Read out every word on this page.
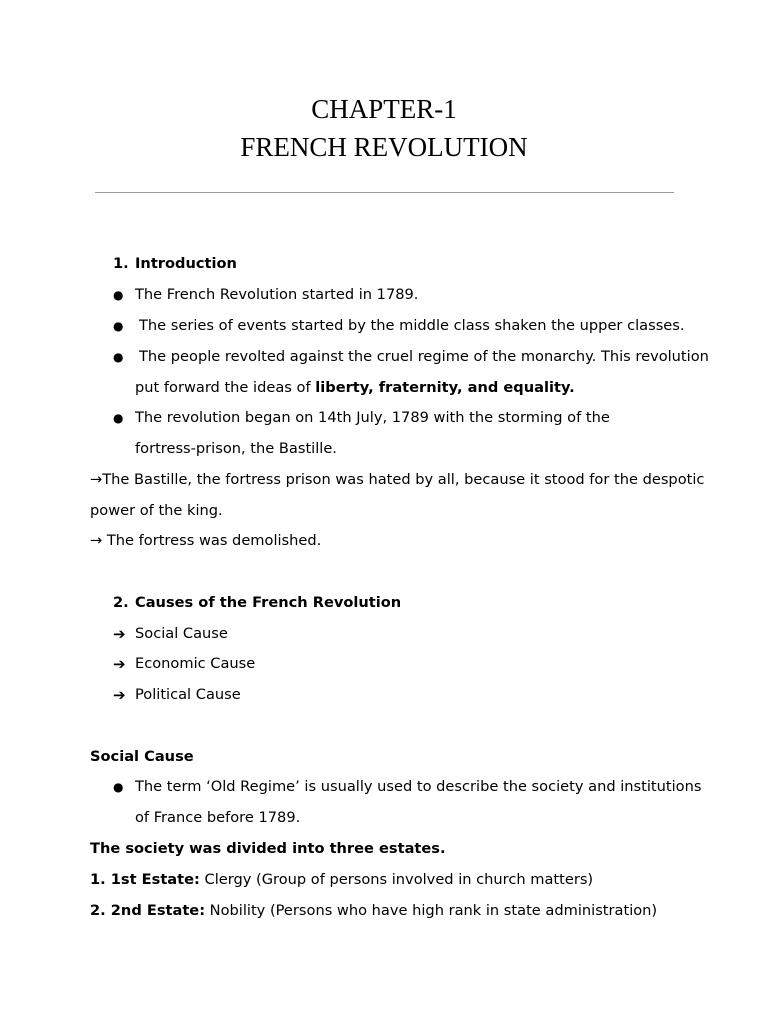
CHAPTER-1
FRENCH REVOLUTION
1. Introduction
● The French Revolution started in 1789.
● The series of events started by the middle class shaken the upper classes.
● The people revolted against the cruel regime of the monarchy. This revolution
put forward the ideas of liberty, fraternity, and equality.
● The revolution began on 14th July, 1789 with the storming of the
fortress-prison, the Bastille.
→The Bastille, the fortress prison was hated by all, because it stood for the despotic
power of the king.
→ The fortress was demolished.
2. Causes of the French Revolution
➔ Social Cause
➔ Economic Cause
➔ Political Cause
Social Cause
● The term ‘Old Regime’ is usually used to describe the society and institutions
of France before 1789.
The society was divided into three estates.
1. 1st Estate: Clergy (Group of persons involved in church matters)
2. 2nd Estate: Nobility (Persons who have high rank in state administration)
